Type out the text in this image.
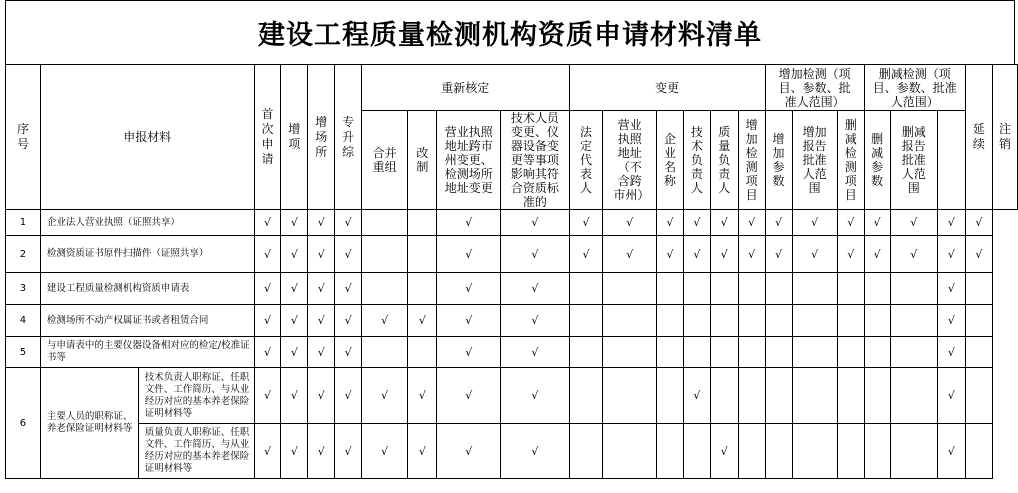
建设工程质量检测机构资质申请材料清单
序号	申报材料		首次申请	增项	增场所	专升综	重新核定				变更						增加检测（项目、参数、批准人范围）			删减检测（项目、参数、批准人范围）			延续	注销
							合并重组	改制	营业执照地址跨市州变更、检测场所地址变更	技术人员变更、仪器设备变更等事项影响其符合资质标准的	法定代表人	营业执照地址（不含跨市州）	企业名称	技术负责人	质量负责人	增加检测项目	增加参数	增加报告批准人范围	删减检测项目	删减参数	删减报告批准人范围			

1	企业法人营业执照（证照共享）		√	√	√	√			√	√	√	√	√	√	√	√	√	√	√	√	√	√	√	
2	检测资质证书原件扫描件（证照共享）		√	√	√	√			√	√	√	√	√	√	√	√	√	√	√	√	√	√	√	
3	建设工程质量检测机构资质申请表		√	√	√	√			√	√												√		
4	检测场所不动产权属证书或者租赁合同		√	√	√	√	√	√	√	√												√		
5	与申请表中的主要仪器设备相对应的检定/校准证书等		√	√	√	√			√	√												√		
6	主要人员的职称证、养老保险证明材料等	技术负责人职称证、任职文件、工作简历、与从业经历对应的基本养老保险证明材料等	√	√	√	√	√	√	√	√				√								√		
		质量负责人职称证、任职文件、工作简历、与从业经历对应的基本养老保险证明材料等	√	√	√	√	√	√	√	√					√							√		
